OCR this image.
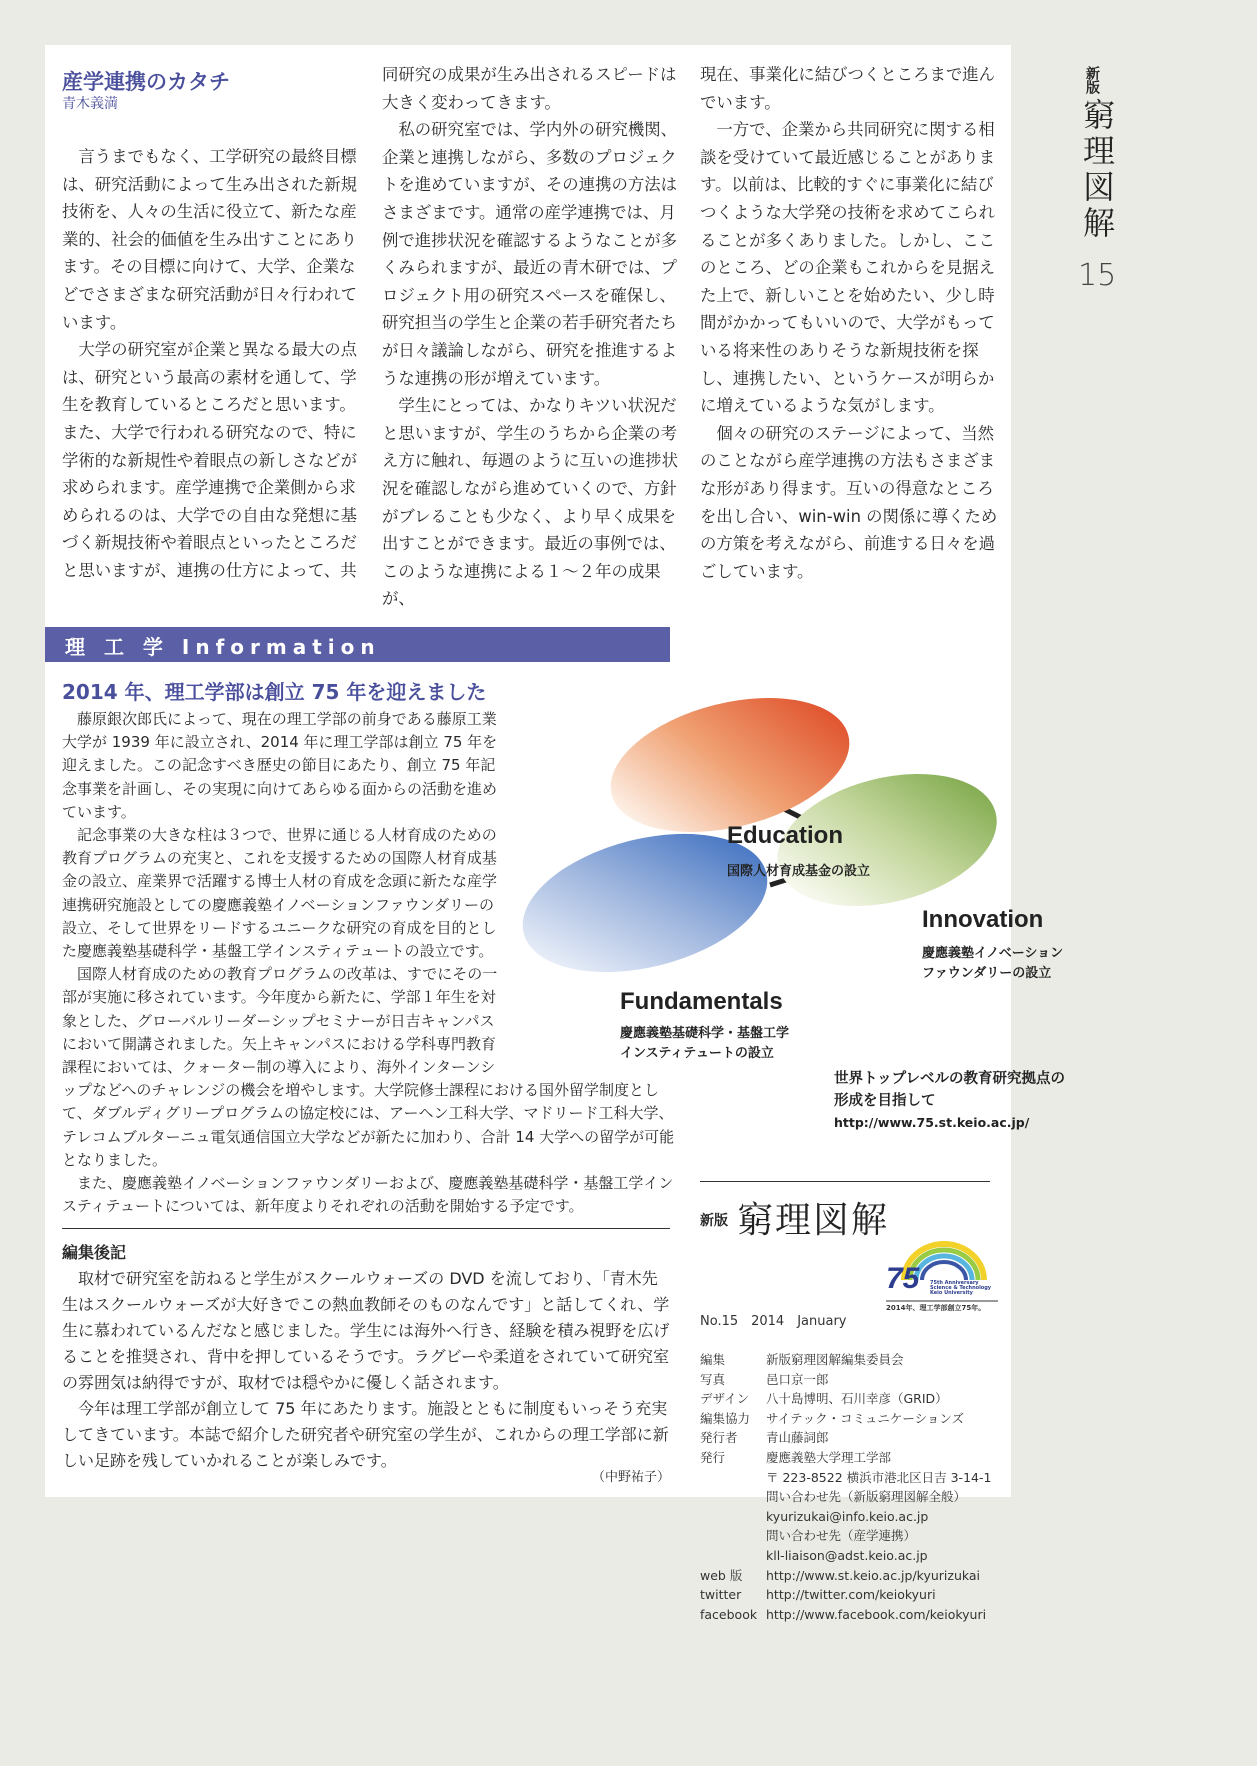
新版
窮理図解
15
産学連携のカタチ
青木義満

言うまでもなく、工学研究の最終目標は、研究活動によって生み出された新規技術を、人々の生活に役立て、新たな産業的、社会的価値を生み出すことにあります。その目標に向けて、大学、企業などでさまざまな研究活動が日々行われています。

大学の研究室が企業と異なる最大の点は、研究という最高の素材を通して、学生を教育しているところだと思います。また、大学で行われる研究なので、特に学術的な新規性や着眼点の新しさなどが求められます。産学連携で企業側から求められるのは、大学での自由な発想に基づく新規技術や着眼点といったところだと思いますが、連携の仕方によって、共

同研究の成果が生み出されるスピードは大きく変わってきます。

私の研究室では、学内外の研究機関、企業と連携しながら、多数のプロジェクトを進めていますが、その連携の方法はさまざまです。通常の産学連携では、月例で進捗状況を確認するようなことが多くみられますが、最近の青木研では、プロジェクト用の研究スペースを確保し、研究担当の学生と企業の若手研究者たちが日々議論しながら、研究を推進するような連携の形が増えています。

学生にとっては、かなりキツい状況だと思いますが、学生のうちから企業の考え方に触れ、毎週のように互いの進捗状況を確認しながら進めていくので、方針がブレることも少なく、より早く成果を出すことができます。最近の事例では、このような連携による１～２年の成果が、

現在、事業化に結びつくところまで進んでいます。

一方で、企業から共同研究に関する相談を受けていて最近感じることがあります。以前は、比較的すぐに事業化に結びつくような大学発の技術を求めてこられることが多くありました。しかし、ここのところ、どの企業もこれからを見据えた上で、新しいことを始めたい、少し時間がかかってもいいので、大学がもっている将来性のありそうな新規技術を探し、連携したい、というケースが明らかに増えているような気がします。

個々の研究のステージによって、当然のことながら産学連携の方法もさまざまな形があり得ます。互いの得意なところを出し合い、win-win の関係に導くための方策を考えながら、前進する日々を過ごしています。

理 工 学 Information
2014 年、理工学部は創立 75 年を迎えました

藤原銀次郎氏によって、現在の理工学部の前身である藤原工業大学が 1939 年に設立され、2014 年に理工学部は創立 75 年を迎えました。この記念すべき歴史の節目にあたり、創立 75 年記念事業を計画し、その実現に向けてあらゆる面からの活動を進めています。

記念事業の大きな柱は３つで、世界に通じる人材育成のための教育プログラムの充実と、これを支援するための国際人材育成基金の設立、産業界で活躍する博士人材の育成を念頭に新たな産学連携研究施設としての慶應義塾イノベーションファウンダリーの設立、そして世界をリードするユニークな研究の育成を目的とした慶應義塾基礎科学・基盤工学インスティテュートの設立です。

国際人材育成のための教育プログラムの改革は、すでにその一部が実施に移されています。今年度から新たに、学部１年生を対象とした、グローバルリーダーシップセミナーが日吉キャンパスにおいて開講されました。矢上キャンパスにおける学科専門教育課程においては、クォーター制の導入により、海外インターンシップなどへのチャレンジの機会を増やします。大学院修士課程における国外留学制度として、ダブルディグリープログラムの協定校には、アーヘン工科大学、マドリード工科大学、テレコムブルターニュ電気通信国立大学などが新たに加わり、合計 14 大学への留学が可能となりました。

また、慶應義塾イノベーションファウンダリーおよび、慶應義塾基礎科学・基盤工学インスティテュートについては、新年度よりそれぞれの活動を開始する予定です。

Education
国際人材育成基金の設立
Innovation
慶應義塾イノベーション
ファウンダリーの設立
Fundamentals
慶應義塾基礎科学・基盤工学
インスティテュートの設立
世界トップレベルの教育研究拠点の
形成を目指して
http://www.75.st.keio.ac.jp/
編集後記

取材で研究室を訪ねると学生がスクールウォーズの DVD を流しており、「青木先生はスクールウォーズが大好きでこの熱血教師そのものなんです」と話してくれ、学生に慕われているんだなと感じました。学生には海外へ行き、経験を積み視野を広げることを推奨され、背中を押しているそうです。ラグビーや柔道をされていて研究室の雰囲気は納得ですが、取材では穏やかに優しく話されます。

今年は理工学部が創立して 75 年にあたります。施設とともに制度もいっそう充実してきています。本誌で紹介した研究者や研究室の学生が、これからの理工学部に新しい足跡を残していかれることが楽しみです。

（中野祐子）
新版 窮理図解
75 75th Anniversary
Science & Technology
Keio University
2014年、理工学部創立75年。
No.15　2014　January
編集	新版窮理図解編集委員会
写真	邑口京一郎
デザイン	八十島博明、石川幸彦（GRID）
編集協力	サイテック・コミュニケーションズ
発行者	青山藤詞郎
発行	慶應義塾大学理工学部
〒 223-8522 横浜市港北区日吉 3-14-1
問い合わせ先（新版窮理図解全般）
kyurizukai@info.keio.ac.jp
問い合わせ先（産学連携）
kll-liaison@adst.keio.ac.jp
web 版	http://www.st.keio.ac.jp/kyurizukai
twitter	http://twitter.com/keiokyuri
facebook http://www.facebook.com/keiokyuri
